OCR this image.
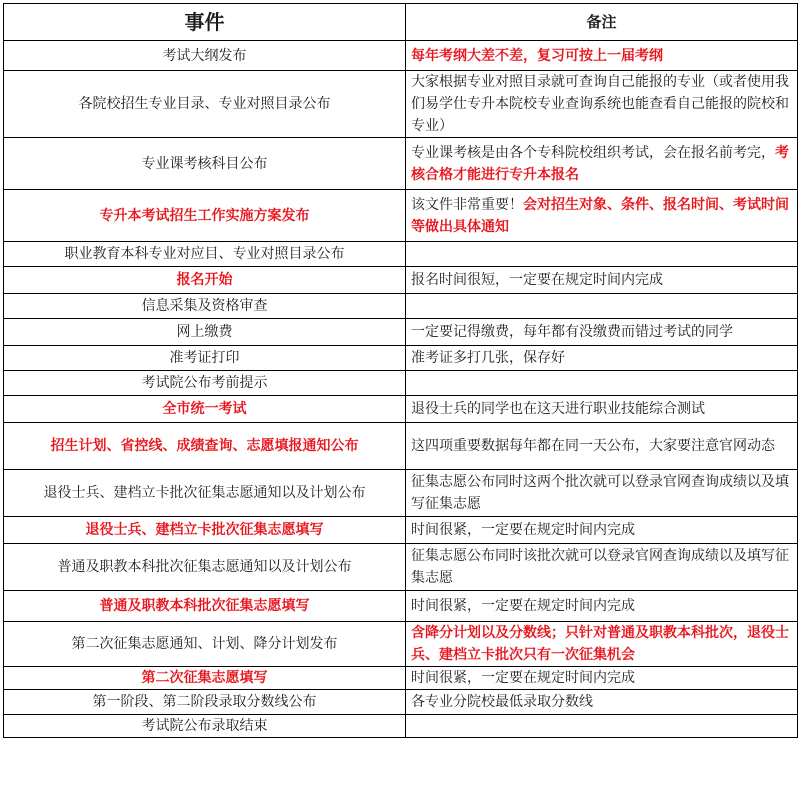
事件	备注
考试大纲发布	每年考纲大差不差，复习可按上一届考纲
各院校招生专业目录、专业对照目录公布	大家根据专业对照目录就可查询自己能报的专业（或者使用我们易学仕专升本院校专业查询系统也能查看自己能报的院校和专业）
专业课考核科目公布	专业课考核是由各个专科院校组织考试，会在报名前考完，考核合格才能进行专升本报名
专升本考试招生工作实施方案发布	该文件非常重要！会对招生对象、条件、报名时间、考试时间等做出具体通知
职业教育本科专业对应目、专业对照目录公布	
报名开始	报名时间很短，一定要在规定时间内完成
信息采集及资格审查	
网上缴费	一定要记得缴费，每年都有没缴费而错过考试的同学
准考证打印	准考证多打几张，保存好
考试院公布考前提示	
全市统一考试	退役士兵的同学也在这天进行职业技能综合测试
招生计划、省控线、成绩查询、志愿填报通知公布	这四项重要数据每年都在同一天公布，大家要注意官网动态
退役士兵、建档立卡批次征集志愿通知以及计划公布	征集志愿公布同时这两个批次就可以登录官网查询成绩以及填写征集志愿
退役士兵、建档立卡批次征集志愿填写	时间很紧，一定要在规定时间内完成
普通及职教本科批次征集志愿通知以及计划公布	征集志愿公布同时该批次就可以登录官网查询成绩以及填写征集志愿
普通及职教本科批次征集志愿填写	时间很紧，一定要在规定时间内完成
第二次征集志愿通知、计划、降分计划发布	含降分计划以及分数线；只针对普通及职教本科批次，退役士兵、建档立卡批次只有一次征集机会
第二次征集志愿填写	时间很紧，一定要在规定时间内完成
第一阶段、第二阶段录取分数线公布	各专业分院校最低录取分数线
考试院公布录取结束	
